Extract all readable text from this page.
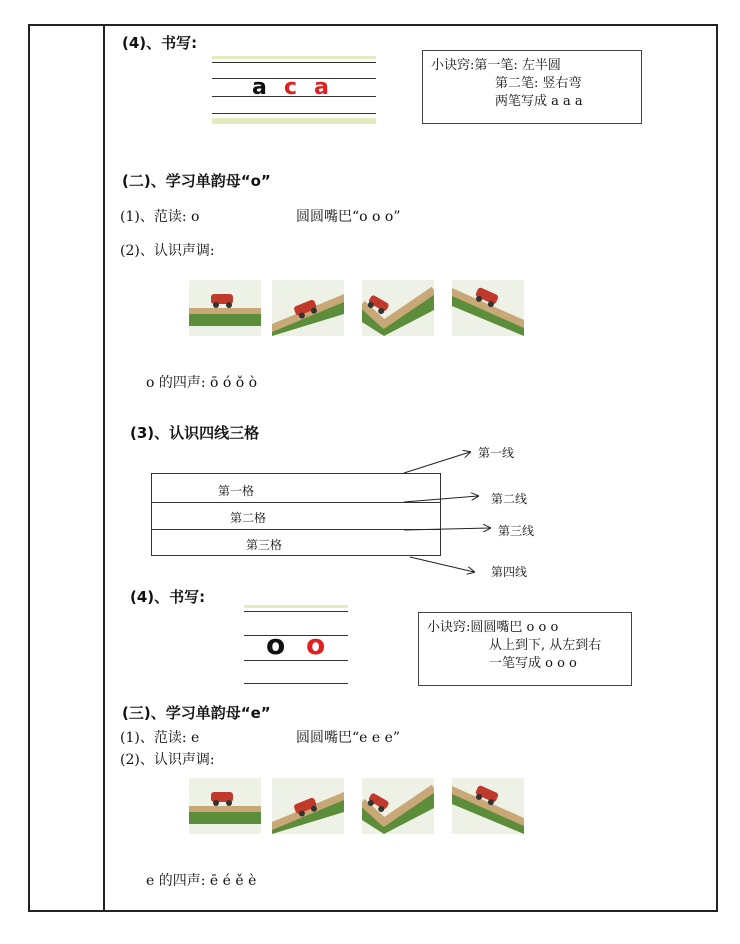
(4)、书写:
a c a
小诀窍: 第一笔: 左半圆
第二笔: 竖右弯
两笔写成 a a a
(二)、学习单韵母“o”
(1)、范读: o	圆圆嘴巴“o o o”
(2)、认识声调:
o 的四声: ō ó ǒ ò
(3)、认识四线三格
第一格
第二格
第三格
第一线
第二线
第三线
第四线
(4)、书写:
o o
小诀窍: 圆圆嘴巴 o o o
从上到下, 从左到右
一笔写成 o o o
(三)、学习单韵母“e”
(1)、范读: e	圆圆嘴巴“e e e”
(2)、认识声调:
e 的四声: ē é ě è
